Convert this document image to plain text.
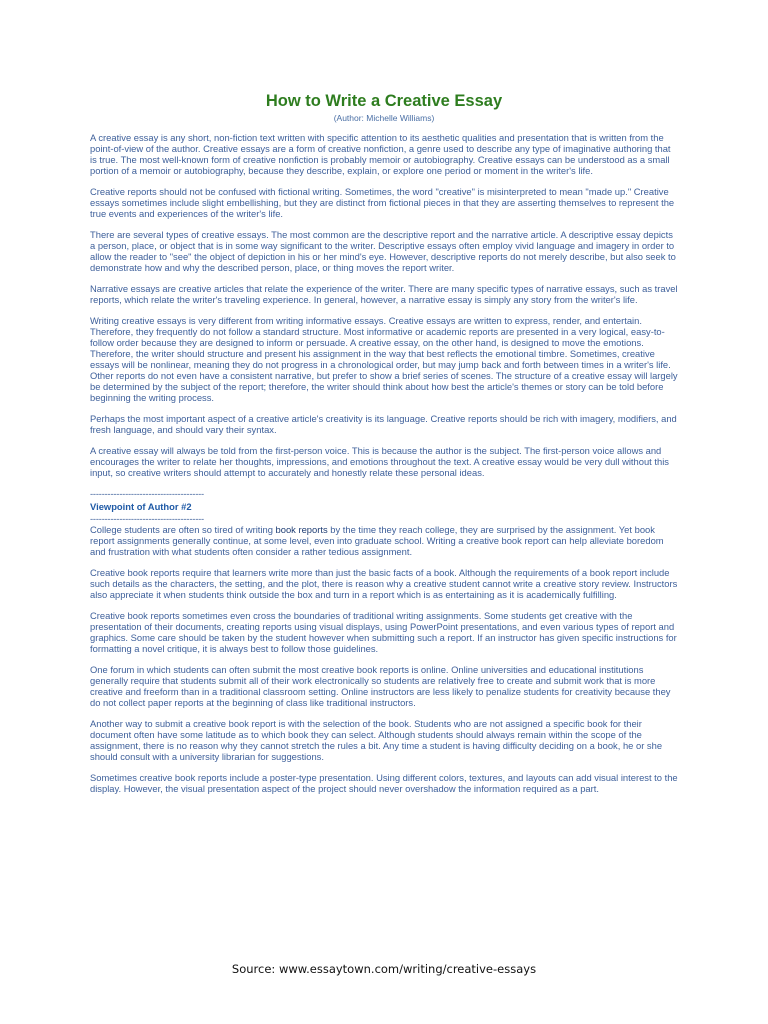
How to Write a Creative Essay
(Author: Michelle Williams)

A creative essay is any short, non-fiction text written with specific attention to its aesthetic qualities and presentation that is written from the point-of-view of the author. Creative essays are a form of creative nonfiction, a genre used to describe any type of imaginative authoring that is true. The most well-known form of creative nonfiction is probably memoir or autobiography. Creative essays can be understood as a small portion of a memoir or autobiography, because they describe, explain, or explore one period or moment in the writer's life.

Creative reports should not be confused with fictional writing. Sometimes, the word "creative" is misinterpreted to mean "made up." Creative essays sometimes include slight embellishing, but they are distinct from fictional pieces in that they are asserting themselves to represent the true events and experiences of the writer's life.

There are several types of creative essays. The most common are the descriptive report and the narrative article. A descriptive essay depicts a person, place, or object that is in some way significant to the writer. Descriptive essays often employ vivid language and imagery in order to allow the reader to "see" the object of depiction in his or her mind's eye. However, descriptive reports do not merely describe, but also seek to demonstrate how and why the described person, place, or thing moves the report writer.

Narrative essays are creative articles that relate the experience of the writer. There are many specific types of narrative essays, such as travel reports, which relate the writer's traveling experience. In general, however, a narrative essay is simply any story from the writer's life.

Writing creative essays is very different from writing informative essays. Creative essays are written to express, render, and entertain. Therefore, they frequently do not follow a standard structure. Most informative or academic reports are presented in a very logical, easy-to-follow order because they are designed to inform or persuade. A creative essay, on the other hand, is designed to move the emotions. Therefore, the writer should structure and present his assignment in the way that best reflects the emotional timbre. Sometimes, creative essays will be nonlinear, meaning they do not progress in a chronological order, but may jump back and forth between times in a writer's life. Other reports do not even have a consistent narrative, but prefer to show a brief series of scenes. The structure of a creative essay will largely be determined by the subject of the report; therefore, the writer should think about how best the article's themes or story can be told before beginning the writing process.

Perhaps the most important aspect of a creative article's creativity is its language. Creative reports should be rich with imagery, modifiers, and fresh language, and should vary their syntax.

A creative essay will always be told from the first-person voice. This is because the author is the subject. The first-person voice allows and encourages the writer to relate her thoughts, impressions, and emotions throughout the text. A creative essay would be very dull without this input, so creative writers should attempt to accurately and honestly relate these personal ideas.

---------------------------------------
Viewpoint of Author #2
---------------------------------------

College students are often so tired of writing book reports by the time they reach college, they are surprised by the assignment. Yet book report assignments generally continue, at some level, even into graduate school. Writing a creative book report can help alleviate boredom and frustration with what students often consider a rather tedious assignment.

Creative book reports require that learners write more than just the basic facts of a book. Although the requirements of a book report include such details as the characters, the setting, and the plot, there is reason why a creative student cannot write a creative story review. Instructors also appreciate it when students think outside the box and turn in a report which is as entertaining as it is academically fulfilling.

Creative book reports sometimes even cross the boundaries of traditional writing assignments. Some students get creative with the presentation of their documents, creating reports using visual displays, using PowerPoint presentations, and even various types of report and graphics. Some care should be taken by the student however when submitting such a report. If an instructor has given specific instructions for formatting a novel critique, it is always best to follow those guidelines.

One forum in which students can often submit the most creative book reports is online. Online universities and educational institutions generally require that students submit all of their work electronically so students are relatively free to create and submit work that is more creative and freeform than in a traditional classroom setting. Online instructors are less likely to penalize students for creativity because they do not collect paper reports at the beginning of class like traditional instructors.

Another way to submit a creative book report is with the selection of the book. Students who are not assigned a specific book for their document often have some latitude as to which book they can select. Although students should always remain within the scope of the assignment, there is no reason why they cannot stretch the rules a bit. Any time a student is having difficulty deciding on a book, he or she should consult with a university librarian for suggestions.

Sometimes creative book reports include a poster-type presentation. Using different colors, textures, and layouts can add visual interest to the display. However, the visual presentation aspect of the project should never overshadow the information required as a part.

Source: www.essaytown.com/writing/creative-essays
